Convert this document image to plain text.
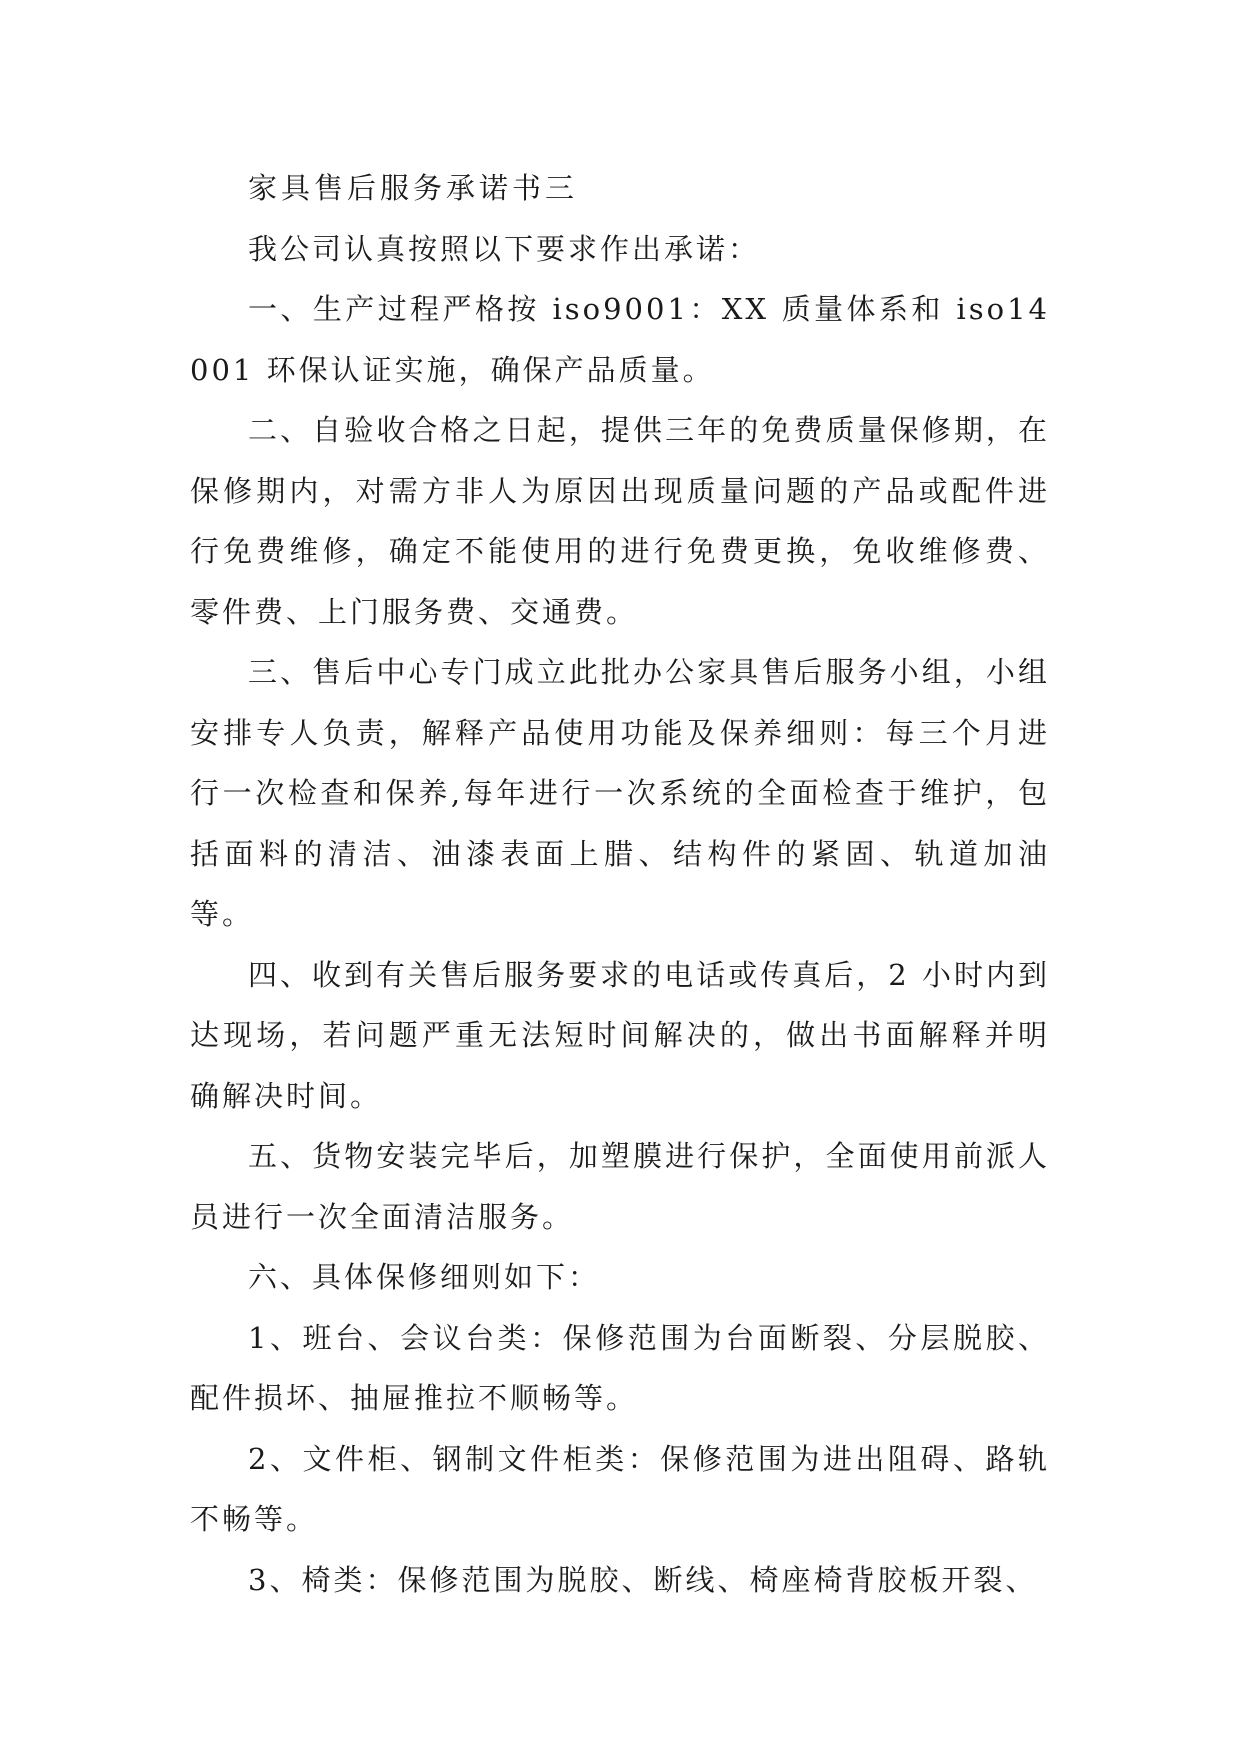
家具售后服务承诺书三

我公司认真按照以下要求作出承诺：

一、生产过程严格按 iso9001：XX 质量体系和 iso14001 环保认证实施，确保产品质量。

二、自验收合格之日起，提供三年的免费质量保修期，在保修期内，对需方非人为原因出现质量问题的产品或配件进行免费维修，确定不能使用的进行免费更换，免收维修费、零件费、上门服务费、交通费。

三、售后中心专门成立此批办公家具售后服务小组，小组安排专人负责，解释产品使用功能及保养细则：每三个月进行一次检查和保养,每年进行一次系统的全面检查于维护，包括面料的清洁、油漆表面上腊、结构件的紧固、轨道加油等。

四、收到有关售后服务要求的电话或传真后，2 小时内到达现场，若问题严重无法短时间解决的，做出书面解释并明确解决时间。

五、货物安装完毕后，加塑膜进行保护，全面使用前派人员进行一次全面清洁服务。

六、具体保修细则如下：

1、班台、会议台类：保修范围为台面断裂、分层脱胶、配件损坏、抽屉推拉不顺畅等。

2、文件柜、钢制文件柜类：保修范围为进出阻碍、路轨不畅等。

3、椅类：保修范围为脱胶、断线、椅座椅背胶板开裂、
